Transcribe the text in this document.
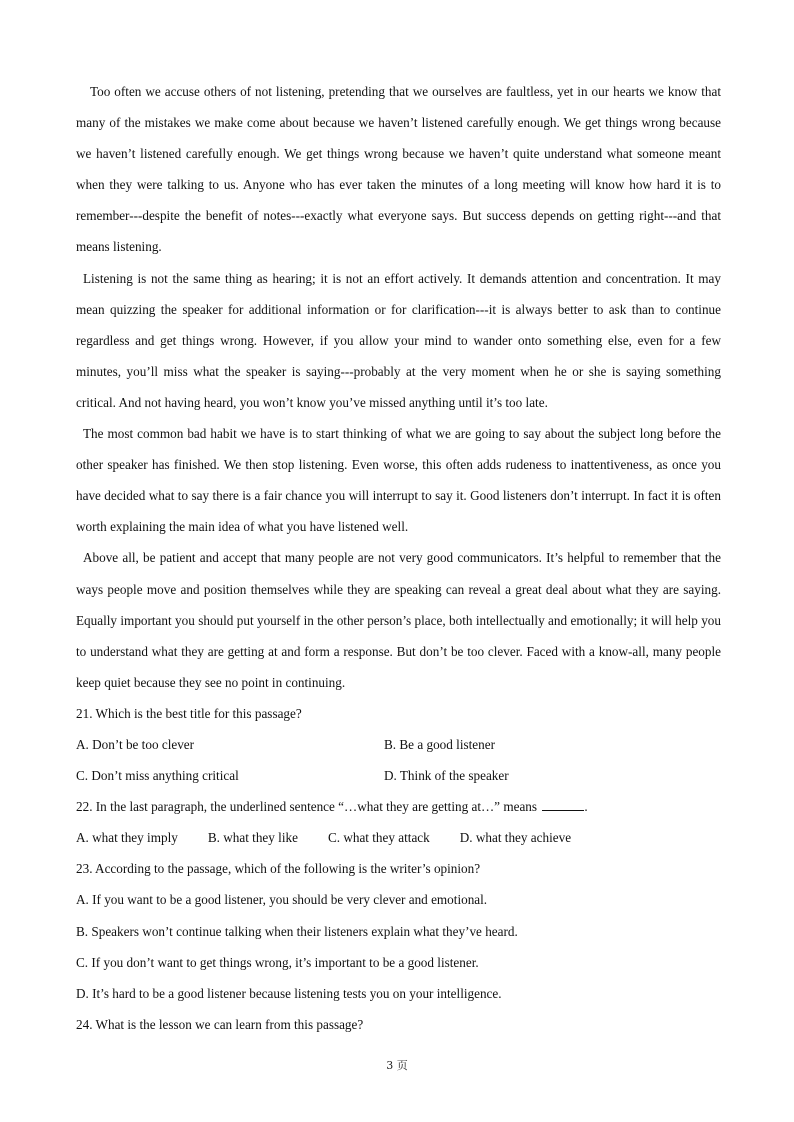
Too often we accuse others of not listening, pretending that we ourselves are faultless, yet in our hearts we know that many of the mistakes we make come about because we haven’t listened carefully enough. We get things wrong because we haven’t listened carefully enough. We get things wrong because we haven’t quite understand what someone meant when they were talking to us. Anyone who has ever taken the minutes of a long meeting will know how hard it is to remember---despite the benefit of notes---exactly what everyone says. But success depends on getting right---and that means listening.

Listening is not the same thing as hearing; it is not an effort actively. It demands attention and concentration. It may mean quizzing the speaker for additional information or for clarification---it is always better to ask than to continue regardless and get things wrong. However, if you allow your mind to wander onto something else, even for a few minutes, you’ll miss what the speaker is saying---probably at the very moment when he or she is saying something critical. And not having heard, you won’t know you’ve missed anything until it’s too late.

The most common bad habit we have is to start thinking of what we are going to say about the subject long before the other speaker has finished. We then stop listening. Even worse, this often adds rudeness to inattentiveness, as once you have decided what to say there is a fair chance you will interrupt to say it. Good listeners don’t interrupt. In fact it is often worth explaining the main idea of what you have listened well.

Above all, be patient and accept that many people are not very good communicators. It’s helpful to remember that the ways people move and position themselves while they are speaking can reveal a great deal about what they are saying. Equally important you should put yourself in the other person’s place, both intellectually and emotionally; it will help you to understand what they are getting at and form a response. But don’t be too clever. Faced with a know-all, many people keep quiet because they see no point in continuing.

21. Which is the best title for this passage?

A. Don’t be too clever	B. Be a good listener
C. Don’t miss anything critical	D. Think of the speaker

22. In the last paragraph, the underlined sentence “…what they are getting at…” means	.

A. what they imply B. what they like C. what they attack D. what they achieve

23. According to the passage, which of the following is the writer’s opinion?

A. If you want to be a good listener, you should be very clever and emotional.

B. Speakers won’t continue talking when their listeners explain what they’ve heard.

C. If you don’t want to get things wrong, it’s important to be a good listener.

D. It’s hard to be a good listener because listening tests you on your intelligence.

24. What is the lesson we can learn from this passage?

3 页
